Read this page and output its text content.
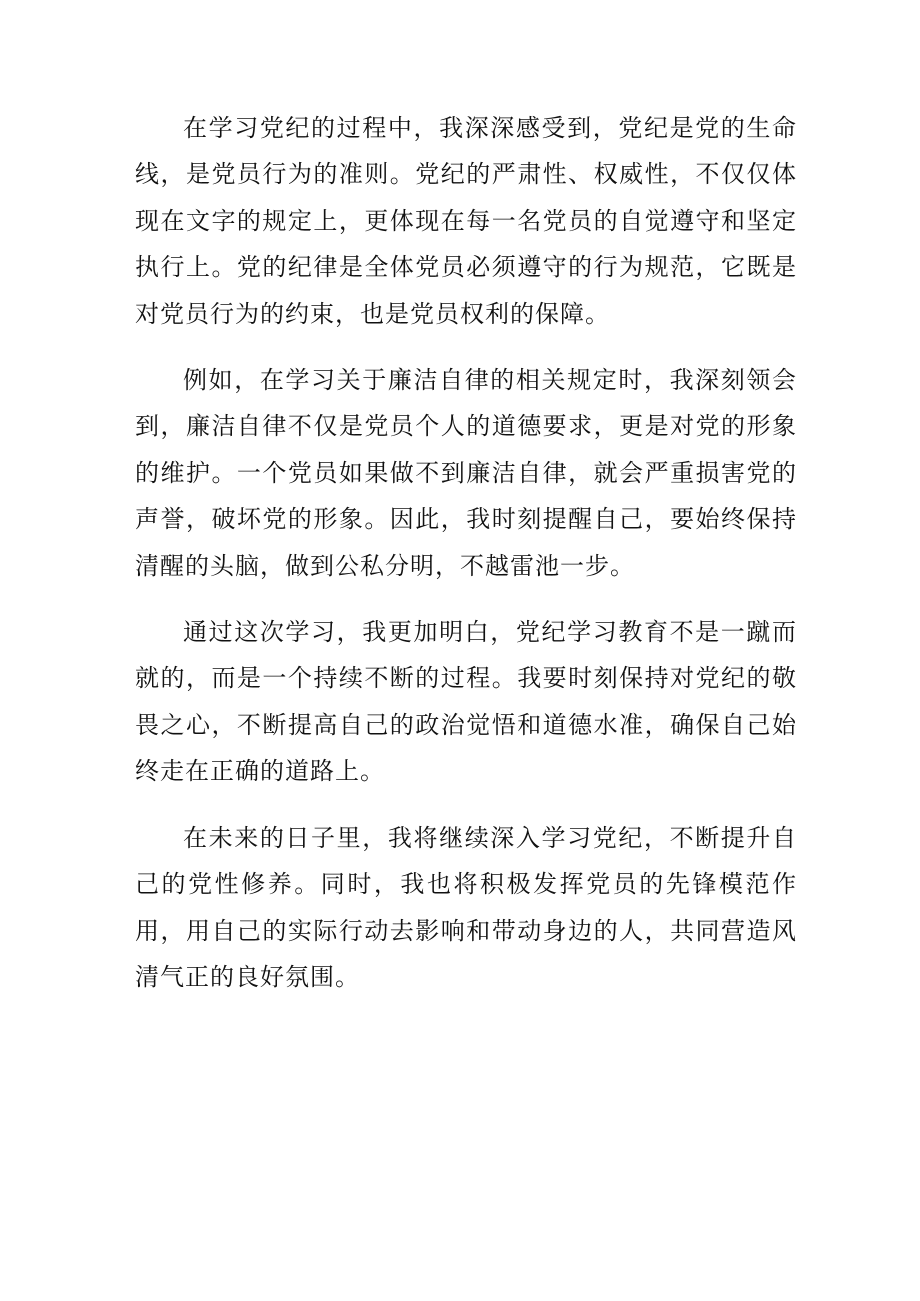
在学习党纪的过程中，我深深感受到，党纪是党的生命线，是党员行为的准则。党纪的严肃性、权威性，不仅仅体现在文字的规定上，更体现在每一名党员的自觉遵守和坚定执行上。党的纪律是全体党员必须遵守的行为规范，它既是对党员行为的约束，也是党员权利的保障。

例如，在学习关于廉洁自律的相关规定时，我深刻领会到，廉洁自律不仅是党员个人的道德要求，更是对党的形象的维护。一个党员如果做不到廉洁自律，就会严重损害党的声誉，破坏党的形象。因此，我时刻提醒自己，要始终保持清醒的头脑，做到公私分明，不越雷池一步。

通过这次学习，我更加明白，党纪学习教育不是一蹴而就的，而是一个持续不断的过程。我要时刻保持对党纪的敬畏之心，不断提高自己的政治觉悟和道德水准，确保自己始终走在正确的道路上。

在未来的日子里，我将继续深入学习党纪，不断提升自己的党性修养。同时，我也将积极发挥党员的先锋模范作用，用自己的实际行动去影响和带动身边的人，共同营造风清气正的良好氛围。
